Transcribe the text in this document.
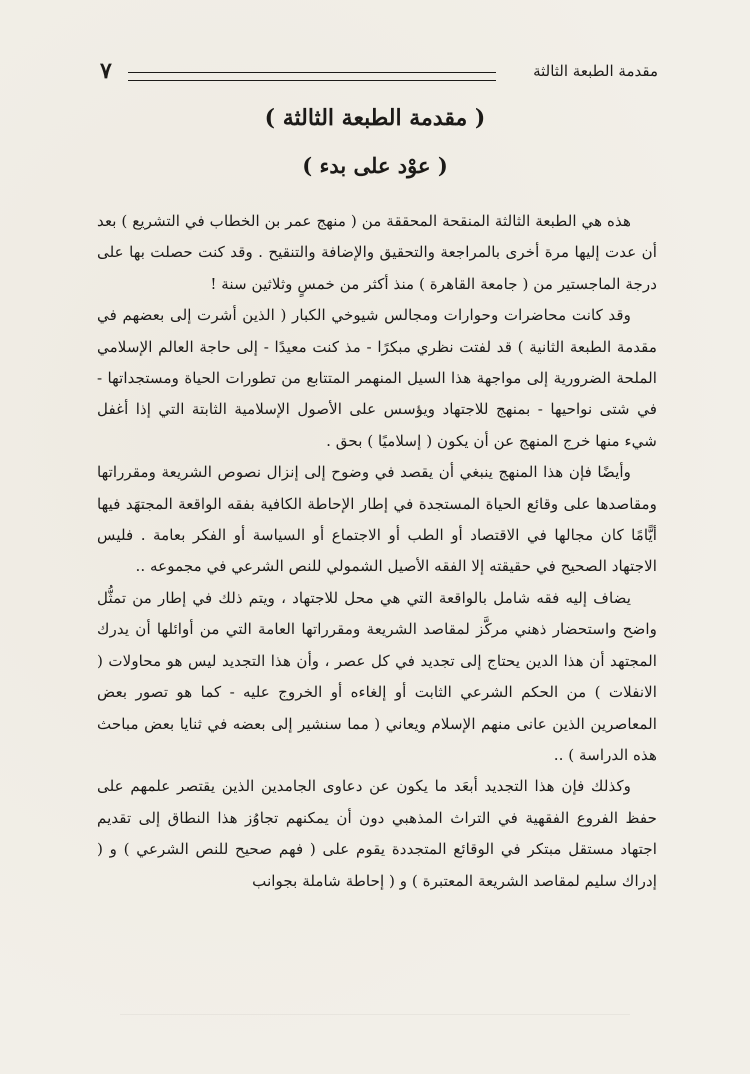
مقدمة الطبعة الثالثة
٧
( مقدمة الطبعة الثالثة )
( عوْد على بدء )

هذه هي الطبعة الثالثة المنقحة المحققة من ( منهج عمر بن الخطاب في التشريع ) بعد أن عدت إليها مرة أخرى بالمراجعة والتحقيق والإضافة والتنقيح . وقد كنت حصلت بها على درجة الماجستير من ( جامعة القاهرة ) منذ أكثر من خمسٍ وثلاثين سنة !

وقد كانت محاضرات وحوارات ومجالس شيوخي الكبار ( الذين أشرت إلى بعضهم في مقدمة الطبعة الثانية ) قد لفتت نظري مبكرًا - مذ كنت معيدًا - إلى حاجة العالم الإسلامي الملحة الضرورية إلى مواجهة هذا السيل المنهمر المتتابع من تطورات الحياة ومستجداتها - في شتى نواحيها - بمنهج للاجتهاد ويؤسس على الأصول الإسلامية الثابتة التي إذا أغفل شيء منها خرج المنهج عن أن يكون ( إسلاميًا ) بحق .

وأيضًا فإن هذا المنهج ينبغي أن يقصد في وضوح إلى إنزال نصوص الشريعة ومقرراتها ومقاصدها على وقائع الحياة المستجدة في إطار الإحاطة الكافية بفقه الواقعة المجتهَد فيها أيًّامًا كان مجالها في الاقتصاد أو الطب أو الاجتماع أو السياسة أو الفكر بعامة . فليس الاجتهاد الصحيح في حقيقته إلا الفقه الأصيل الشمولي للنص الشرعي في مجموعه ..

يضاف إليه فقه شامل بالواقعة التي هي محل للاجتهاد ، ويتم ذلك في إطار من تمثُّل واضح واستحضار ذهني مركَّز لمقاصد الشريعة ومقرراتها العامة التي من أوائلها أن يدرك المجتهد أن هذا الدين يحتاج إلى تجديد في كل عصر ، وأن هذا التجديد ليس هو محاولات ( الانفلات ) من الحكم الشرعي الثابت أو إلغاءه أو الخروج عليه - كما هو تصور بعض المعاصرين الذين عانى منهم الإسلام ويعاني ( مما سنشير إلى بعضه في ثنايا بعض مباحث هذه الدراسة ) ..

وكذلك فإن هذا التجديد أبعَد ما يكون عن دعاوى الجامدين الذين يقتصر علمهم على حفظ الفروع الفقهية في التراث المذهبي دون أن يمكنهم تجاوُز هذا النطاق إلى تقديم اجتهاد مستقل مبتكر في الوقائع المتجددة يقوم على ( فهم صحيح للنص الشرعي ) و ( إدراك سليم لمقاصد الشريعة المعتبرة ) و ( إحاطة شاملة بجوانب
